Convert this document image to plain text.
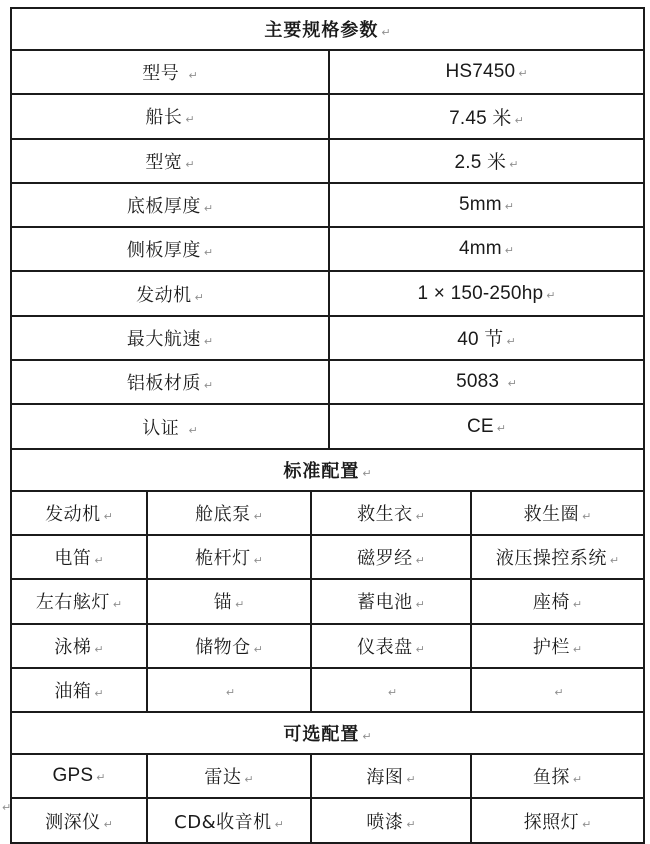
主要规格参数 ↵	
型号 ↵	HS7450 ↵
船长 ↵	7.45 米 ↵
型宽 ↵	2.5 米 ↵
底板厚度 ↵	5mm ↵
侧板厚度 ↵	4mm ↵
发动机 ↵	1 × 150-250hp ↵
最大航速 ↵	40 节 ↵
铝板材质 ↵	5083 ↵
认证 ↵	CE ↵
标准配置 ↵			
发动机 ↵	舱底泵 ↵	救生衣 ↵	救生圈 ↵
电笛 ↵	桅杆灯 ↵	磁罗经 ↵	液压操控系统 ↵
左右舷灯 ↵	锚 ↵	蓄电池 ↵	座椅 ↵
泳梯 ↵	储物仓 ↵	仪表盘 ↵	护栏 ↵
油箱 ↵	↵	↵	↵
可选配置 ↵			
GPS ↵	雷达 ↵	海图 ↵	鱼探 ↵
测深仪 ↵	CD&收音机 ↵	喷漆 ↵	探照灯 ↵
↵
